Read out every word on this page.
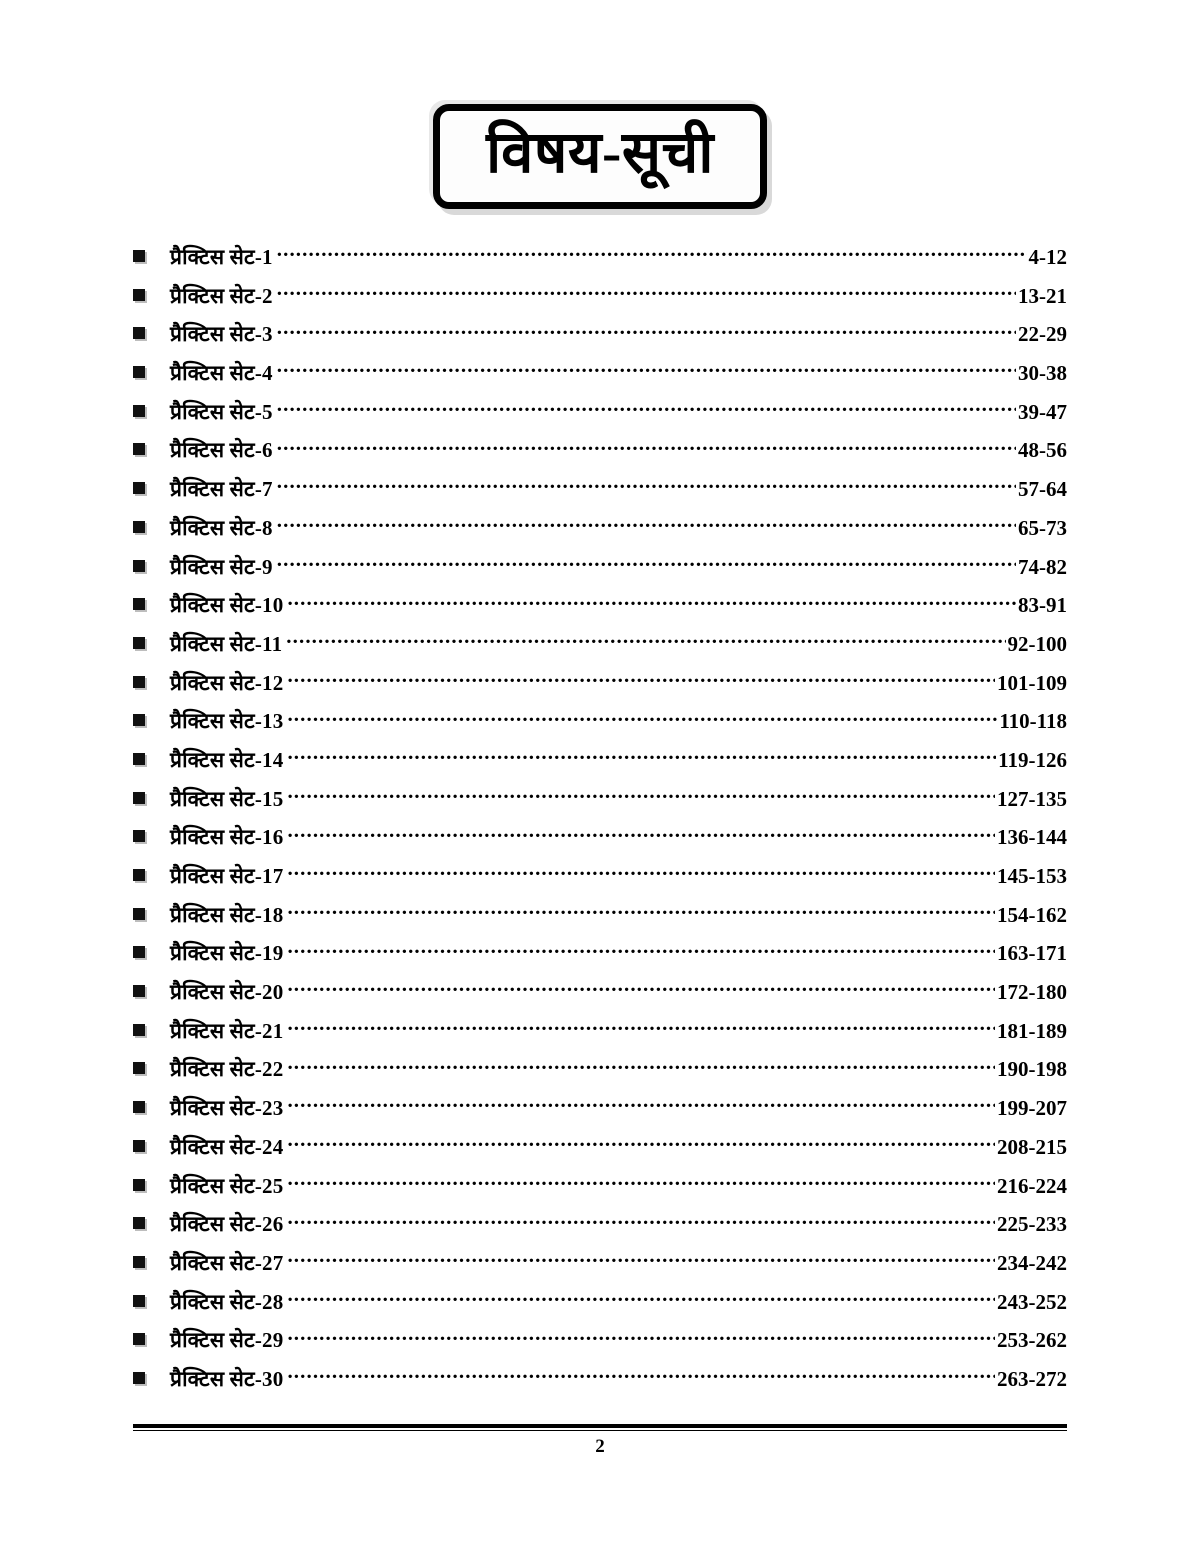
विषय-सूची
प्रैक्टिस सेट-1 .....	4-12
प्रैक्टिस सेट-2 .....	13-21
प्रैक्टिस सेट-3 .....	22-29
प्रैक्टिस सेट-4 .....	30-38
प्रैक्टिस सेट-5 .....	39-47
प्रैक्टिस सेट-6 .....	48-56
प्रैक्टिस सेट-7 .....	57-64
प्रैक्टिस सेट-8 .....	65-73
प्रैक्टिस सेट-9 .....	74-82
प्रैक्टिस सेट-10 .....	83-91
प्रैक्टिस सेट-11 .....	92-100
प्रैक्टिस सेट-12 .....	101-109
प्रैक्टिस सेट-13 .....	110-118
प्रैक्टिस सेट-14 .....	119-126
प्रैक्टिस सेट-15 .....	127-135
प्रैक्टिस सेट-16 .....	136-144
प्रैक्टिस सेट-17 .....	145-153
प्रैक्टिस सेट-18 .....	154-162
प्रैक्टिस सेट-19 .....	163-171
प्रैक्टिस सेट-20 .....	172-180
प्रैक्टिस सेट-21 .....	181-189
प्रैक्टिस सेट-22 .....	190-198
प्रैक्टिस सेट-23 .....	199-207
प्रैक्टिस सेट-24 .....	208-215
प्रैक्टिस सेट-25 .....	216-224
प्रैक्टिस सेट-26 .....	225-233
प्रैक्टिस सेट-27 .....	234-242
प्रैक्टिस सेट-28 .....	243-252
प्रैक्टिस सेट-29 .....	253-262
प्रैक्टिस सेट-30 .....	263-272
2
